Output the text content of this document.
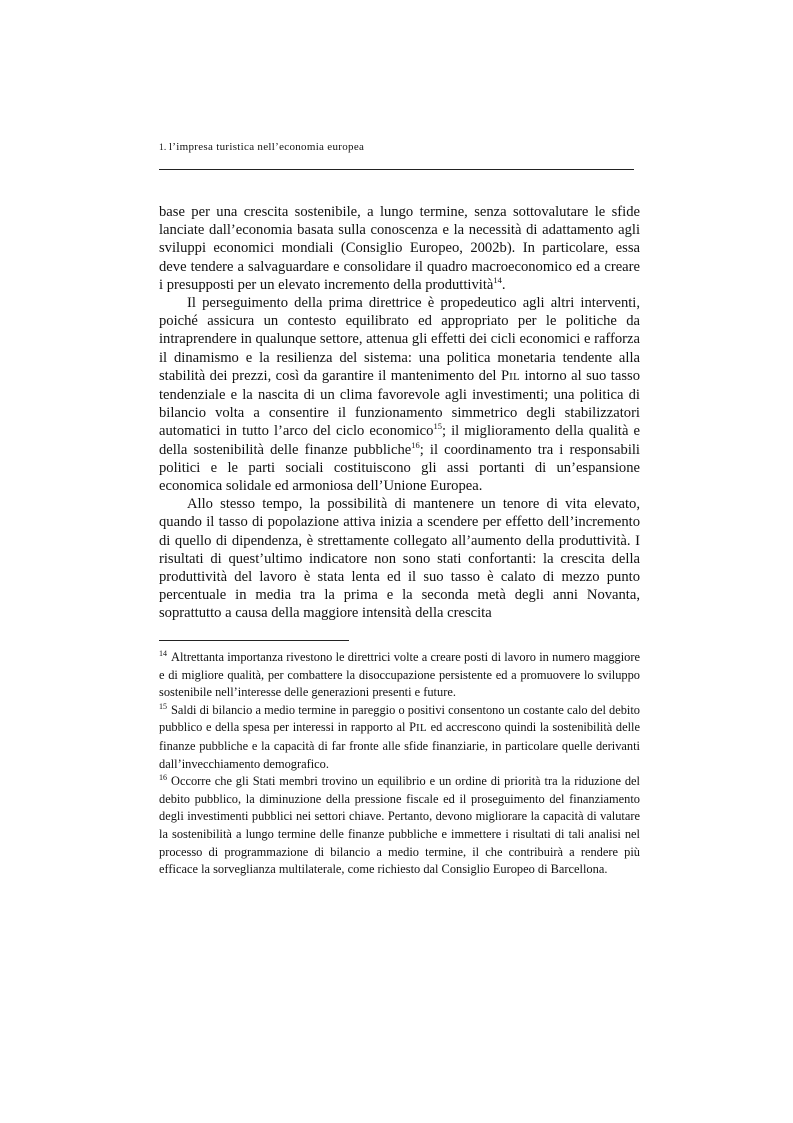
1. l’impresa turistica nell’economia europea

base per una crescita sostenibile, a lungo termine, senza sottovalutare le sfide lanciate dall’economia basata sulla conoscenza e la necessità di adattamento agli sviluppi economici mondiali (Consiglio Europeo, 2002b). In particolare, essa deve tendere a salvaguardare e consolidare il quadro macroeconomico ed a creare i presupposti per un elevato incremento della produttività$^{14}$.

Il perseguimento della prima direttrice è propedeutico agli altri interventi, poiché assicura un contesto equilibrato ed appropriato per le politiche da intraprendere in qualunque settore, attenua gli effetti dei cicli economici e rafforza il dinamismo e la resilienza del sistema: una politica monetaria tendente alla stabilità dei prezzi, così da garantire il mantenimento del PIL intorno al suo tasso tendenziale e la nascita di un clima favorevole agli investimenti; una politica di bilancio volta a consentire il funzionamento simmetrico degli stabilizzatori automatici in tutto l’arco del ciclo economico$^{15}$; il miglioramento della qualità e della sostenibilità delle finanze pubbliche$^{16}$; il coordinamento tra i responsabili politici e le parti sociali costituiscono gli assi portanti di un’espansione economica solidale ed armoniosa dell’Unione Europea.

Allo stesso tempo, la possibilità di mantenere un tenore di vita elevato, quando il tasso di popolazione attiva inizia a scendere per effetto dell’incremento di quello di dipendenza, è strettamente collegato all’aumento della produttività. I risultati di quest’ultimo indicatore non sono stati confortanti: la crescita della produttività del lavoro è stata lenta ed il suo tasso è calato di mezzo punto percentuale in media tra la prima e la seconda metà degli anni Novanta, soprattutto a causa della maggiore intensità della crescita

$^{14}$ Altrettanta importanza rivestono le direttrici volte a creare posti di lavoro in numero maggiore e di migliore qualità, per combattere la disoccupazione persistente ed a promuovere lo sviluppo sostenibile nell’interesse delle generazioni presenti e future.

$^{15}$ Saldi di bilancio a medio termine in pareggio o positivi consentono un costante calo del debito pubblico e della spesa per interessi in rapporto al PIL ed accrescono quindi la sostenibilità delle finanze pubbliche e la capacità di far fronte alle sfide finanziarie, in particolare quelle derivanti dall’invecchiamento demografico.

$^{16}$ Occorre che gli Stati membri trovino un equilibrio e un ordine di priorità tra la riduzione del debito pubblico, la diminuzione della pressione fiscale ed il proseguimento del finanziamento degli investimenti pubblici nei settori chiave. Pertanto, devono migliorare la capacità di valutare la sostenibilità a lungo termine delle finanze pubbliche e immettere i risultati di tali analisi nel processo di programmazione di bilancio a medio termine, il che contribuirà a rendere più efficace la sorveglianza multilaterale, come richiesto dal Consiglio Europeo di Barcellona.
